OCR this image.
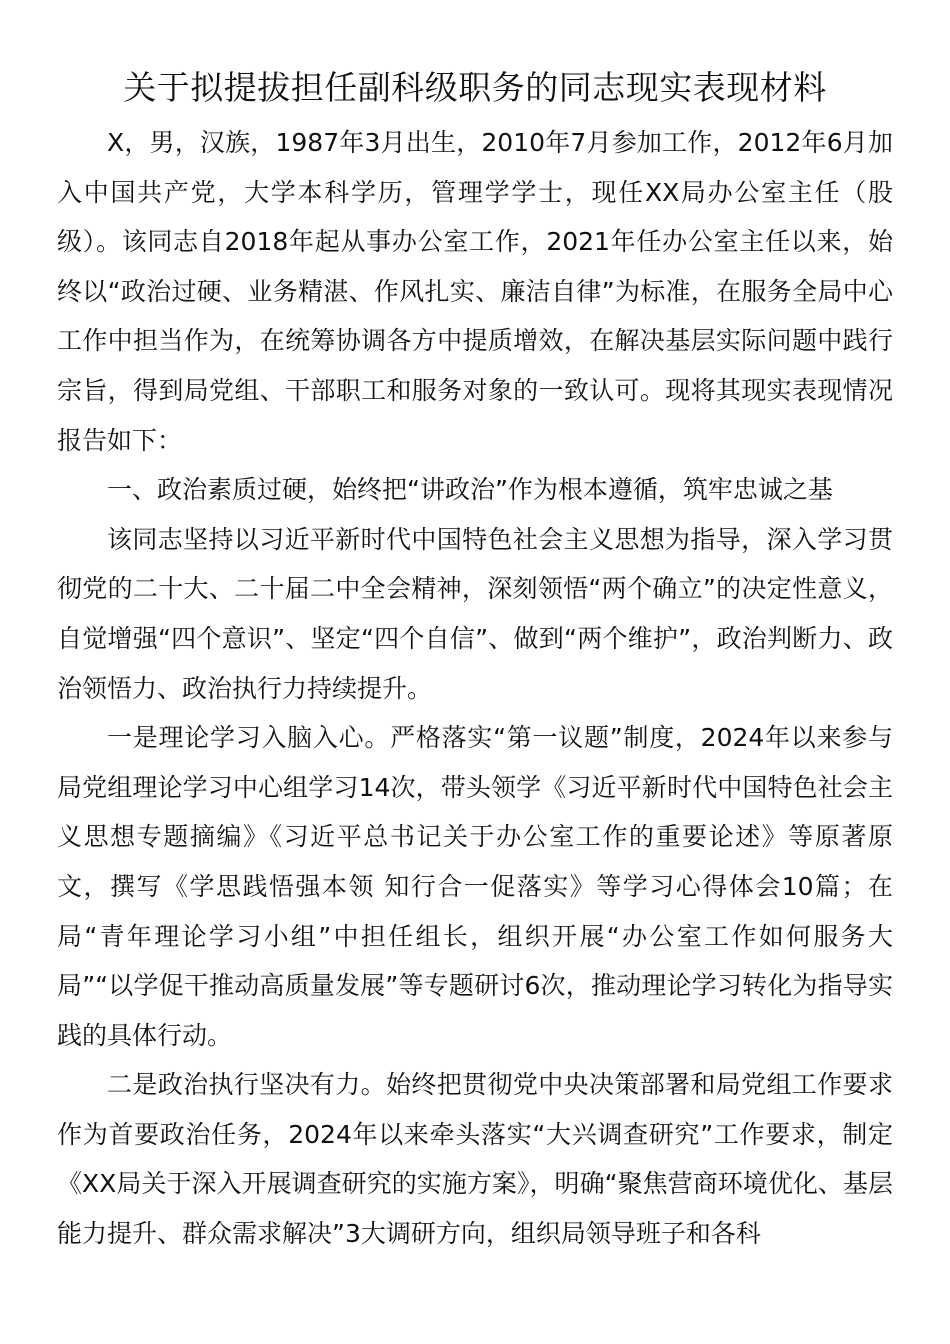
关于拟提拔担任副科级职务的同志现实表现材料

X，男，汉族，1987年3月出生，2010年7月参加工作，2012年6月加入中国共产党，大学本科学历，管理学学士，现任XX局办公室主任（股级）。该同志自2018年起从事办公室工作，2021年任办公室主任以来，始终以“政治过硬、业务精湛、作风扎实、廉洁自律”为标准，在服务全局中心工作中担当作为，在统筹协调各方中提质增效，在解决基层实际问题中践行宗旨，得到局党组、干部职工和服务对象的一致认可。现将其现实表现情况报告如下：

一、政治素质过硬，始终把“讲政治”作为根本遵循，筑牢忠诚之基

该同志坚持以习近平新时代中国特色社会主义思想为指导，深入学习贯彻党的二十大、二十届二中全会精神，深刻领悟“两个确立”的决定性意义，自觉增强“四个意识”、坚定“四个自信”、做到“两个维护”，政治判断力、政治领悟力、政治执行力持续提升。

一是理论学习入脑入心。严格落实“第一议题”制度，2024年以来参与局党组理论学习中心组学习14次，带头领学《习近平新时代中国特色社会主义思想专题摘编》《习近平总书记关于办公室工作的重要论述》等原著原文，撰写《学思践悟强本领 知行合一促落实》等学习心得体会10篇；在局“青年理论学习小组”中担任组长，组织开展“办公室工作如何服务大局”“以学促干推动高质量发展”等专题研讨6次，推动理论学习转化为指导实践的具体行动。

二是政治执行坚决有力。始终把贯彻党中央决策部署和局党组工作要求作为首要政治任务，2024年以来牵头落实“大兴调查研究”工作要求，制定《XX局关于深入开展调查研究的实施方案》，明确“聚焦营商环境优化、基层能力提升、群众需求解决”3大调研方向，组织局领导班子和各科
